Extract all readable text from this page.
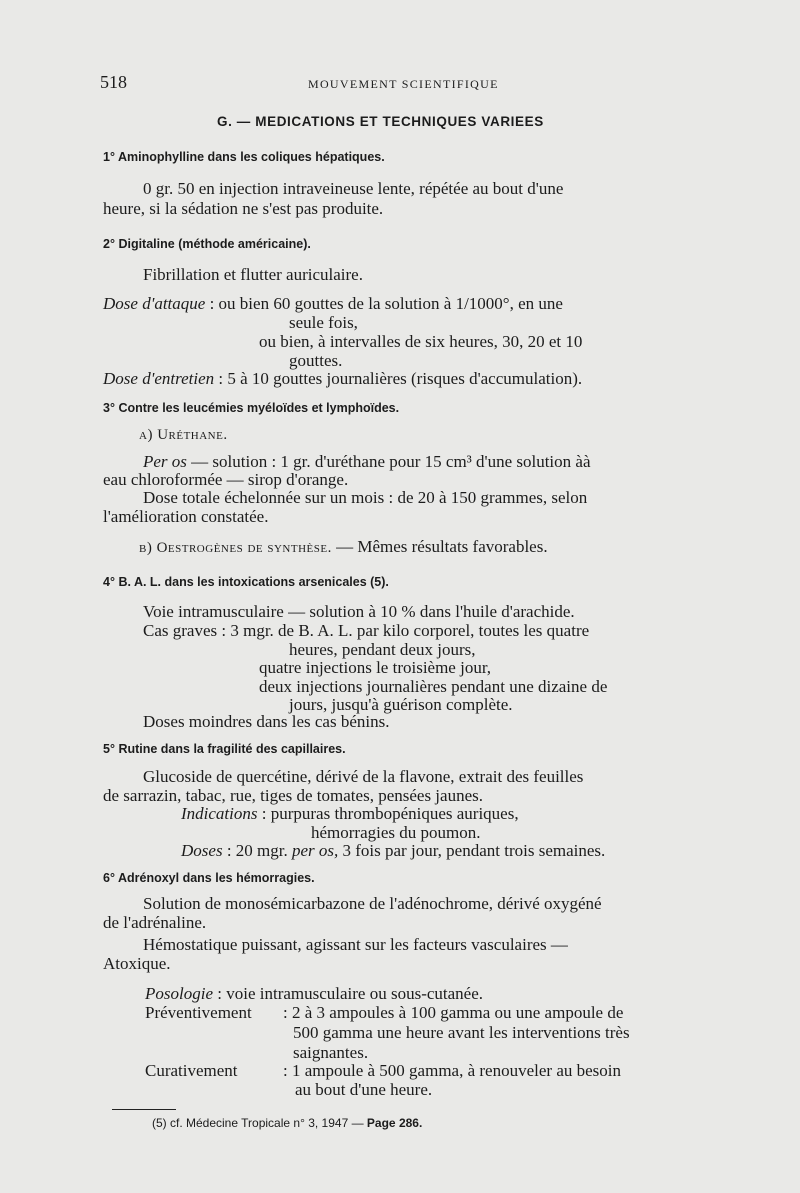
518	MOUVEMENT SCIENTIFIQUE
G. — MEDICATIONS ET TECHNIQUES VARIEES
1° Aminophylline dans les coliques hépatiques.
0 gr. 50 en injection intraveineuse lente, répétée au bout d'une
heure, si la sédation ne s'est pas produite.
2° Digitaline (méthode américaine).
Fibrillation et flutter auriculaire.
Dose d'attaque : ou bien 60 gouttes de la solution à 1/1000°, en une
seule fois,
ou bien, à intervalles de six heures, 30, 20 et 10
gouttes.
Dose d'entretien : 5 à 10 gouttes journalières (risques d'accumulation).
3° Contre les leucémies myéloïdes et lymphoïdes.
a) Uréthane.
Per os — solution : 1 gr. d'uréthane pour 15 cm³ d'une solution àà
eau chloroformée — sirop d'orange.
Dose totale échelonnée sur un mois : de 20 à 150 grammes, selon
l'amélioration constatée.
b) Oestrogènes de synthèse. — Mêmes résultats favorables.
4° B. A. L. dans les intoxications arsenicales (5).
Voie intramusculaire — solution à 10 % dans l'huile d'arachide.
Cas graves : 3 mgr. de B. A. L. par kilo corporel, toutes les quatre
heures, pendant deux jours,
quatre injections le troisième jour,
deux injections journalières pendant une dizaine de
jours, jusqu'à guérison complète.
Doses moindres dans les cas bénins.
5° Rutine dans la fragilité des capillaires.
Glucoside de quercétine, dérivé de la flavone, extrait des feuilles
de sarrazin, tabac, rue, tiges de tomates, pensées jaunes.
Indications : purpuras thrombopéniques auriques,
hémorragies du poumon.
Doses : 20 mgr. per os, 3 fois par jour, pendant trois semaines.
6° Adrénoxyl dans les hémorragies.
Solution de monosémicarbazone de l'adénochrome, dérivé oxygéné
de l'adrénaline.
Hémostatique puissant, agissant sur les facteurs vasculaires —
Atoxique.
Posologie : voie intramusculaire ou sous-cutanée.
Préventivement : 2 à 3 ampoules à 100 gamma ou une ampoule de
500 gamma une heure avant les interventions très
saignantes.
Curativement	: 1 ampoule à 500 gamma, à renouveler au besoin
au bout d'une heure.
(5) cf. Médecine Tropicale n° 3, 1947 — Page 286.
